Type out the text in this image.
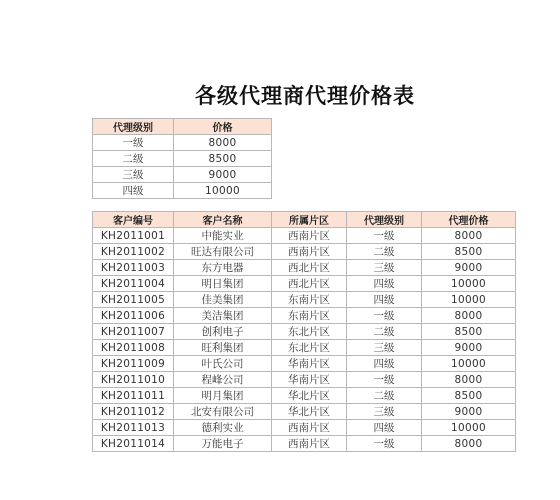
各级代理商代理价格表
代理级别	价格
一级	8000
二级	8500
三级	9000
四级	10000
客户编号	客户名称	所属片区	代理级别	代理价格
KH2011001	中能实业	西南片区	一级	8000
KH2011002	旺达有限公司	西南片区	二级	8500
KH2011003	东方电器	西北片区	三级	9000
KH2011004	明日集团	西北片区	四级	10000
KH2011005	佳美集团	东南片区	四级	10000
KH2011006	美洁集团	东南片区	一级	8000
KH2011007	创利电子	东北片区	二级	8500
KH2011008	旺利集团	东北片区	三级	9000
KH2011009	叶氏公司	华南片区	四级	10000
KH2011010	程峰公司	华南片区	一级	8000
KH2011011	明月集团	华北片区	二级	8500
KH2011012	北安有限公司	华北片区	三级	9000
KH2011013	德利实业	西南片区	四级	10000
KH2011014	万能电子	西南片区	一级	8000
